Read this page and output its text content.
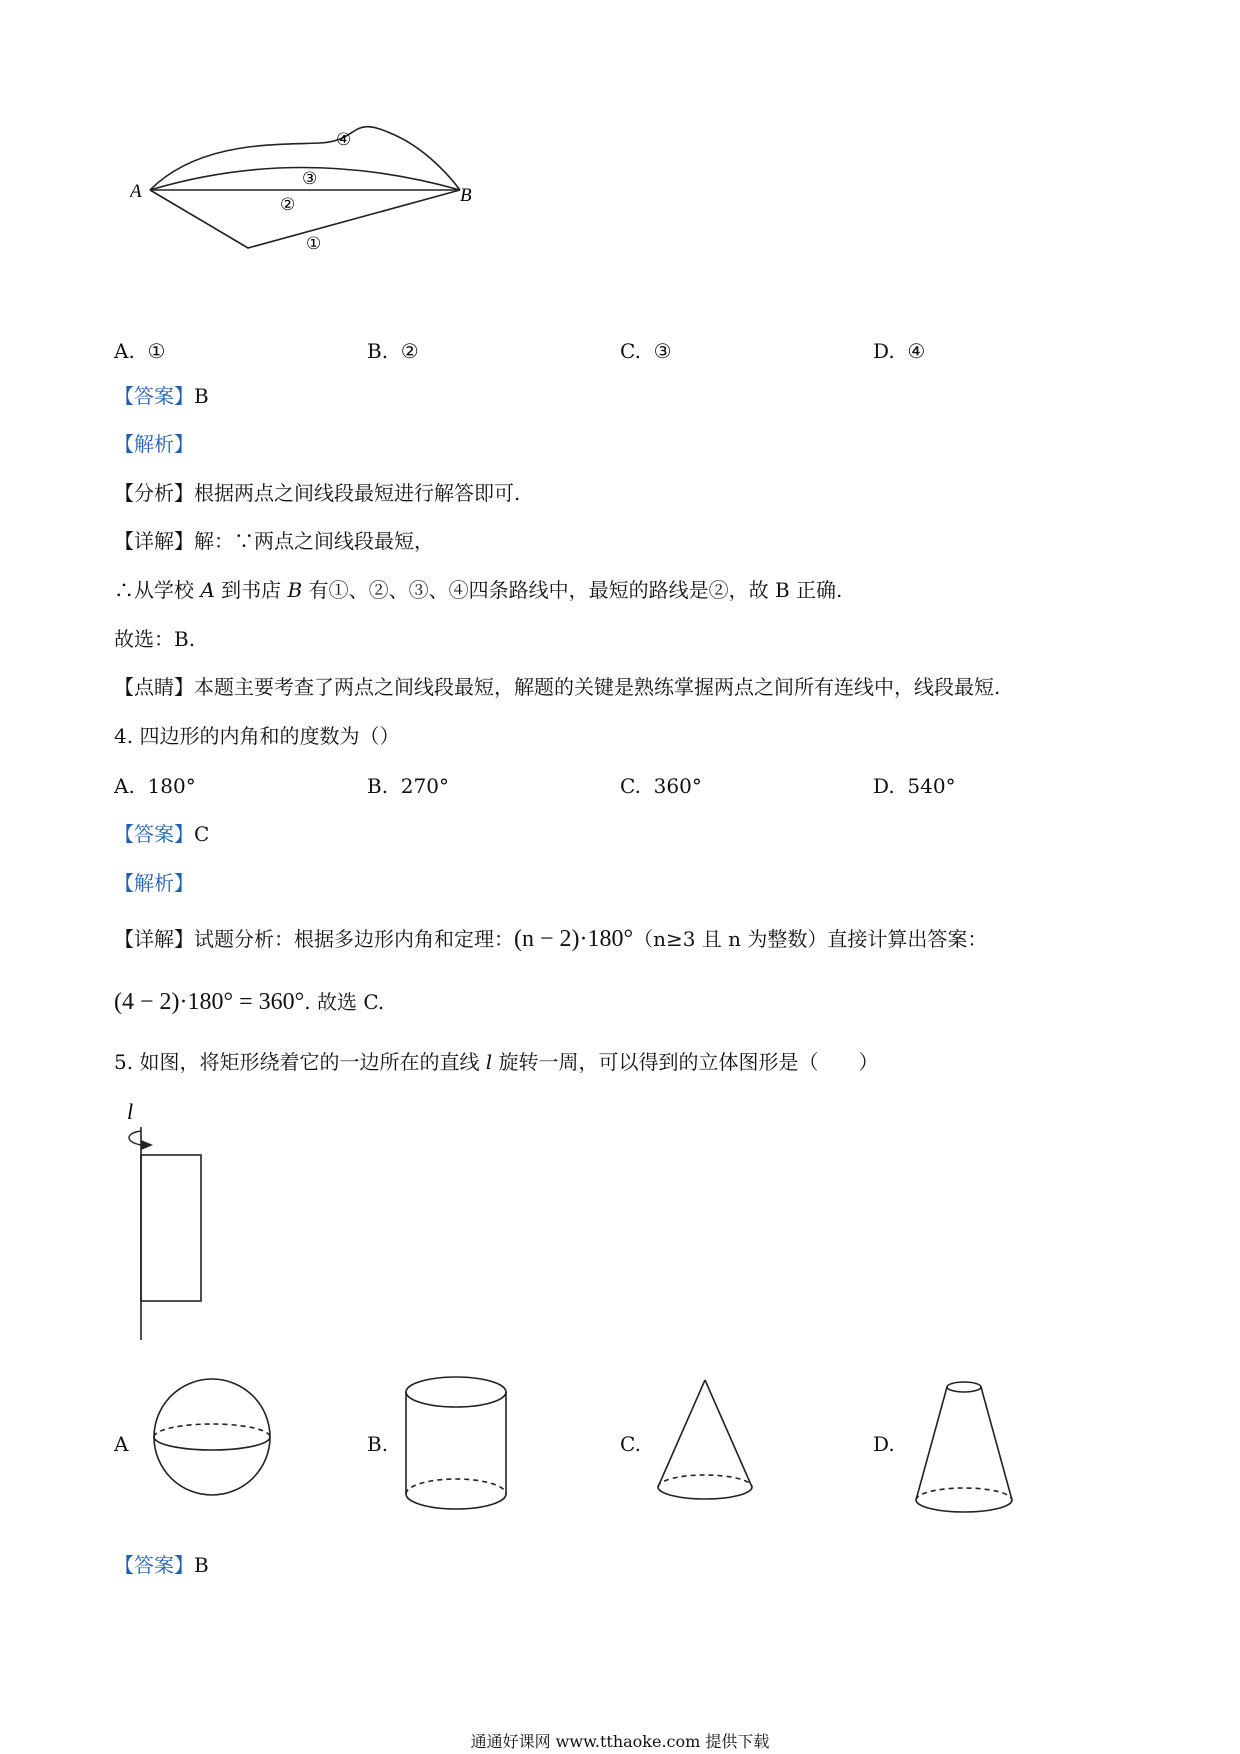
A	B
①
②
③
④
A. ①	B. ②	C. ③	D. ④
【答案】B
【解析】
【分析】根据两点之间线段最短进行解答即可.
【详解】解：∵两点之间线段最短，
∴从学校 A 到书店 B 有①、②、③、④四条路线中，最短的路线是②，故 B 正确.
故选：B.
【点睛】本题主要考查了两点之间线段最短，解题的关键是熟练掌握两点之间所有连线中，线段最短.
4. 四边形的内角和的度数为（）
A. 180°	B. 270°	C. 360°	D. 540°
【答案】C
【解析】
【详解】试题分析：根据多边形内角和定理：(n − 2)·180°（n≥3 且 n 为整数）直接计算出答案：
(4 − 2)·180° = 360°. 故选 C.
5. 如图，将矩形绕着它的一边所在的直线 l 旋转一周，可以得到的立体图形是（　　）
l
A	B.	C.	D.
【答案】B
通通好课网 www.tthaoke.com 提供下载
